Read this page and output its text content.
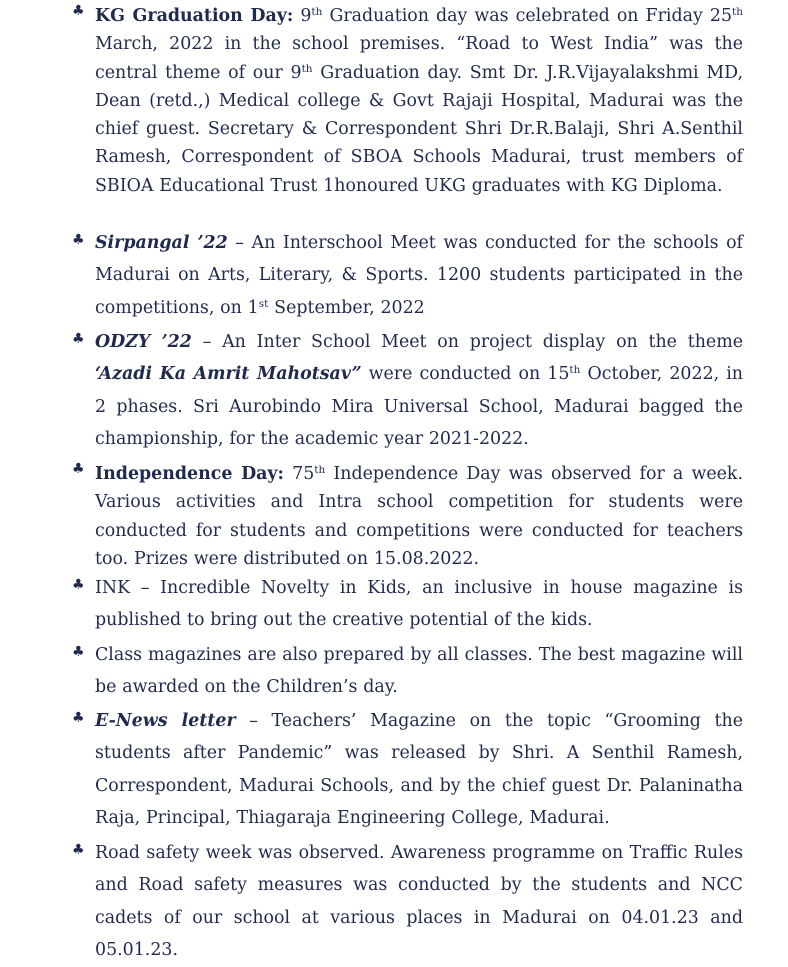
♣ KG Graduation Day: 9th Graduation day was celebrated on Friday 25th March, 2022 in the school premises. “Road to West India” was the central theme of our 9th Graduation day. Smt Dr. J.R.Vijayalakshmi MD, Dean (retd.,) Medical college & Govt Rajaji Hospital, Madurai was the chief guest. Secretary & Correspondent Shri Dr.R.Balaji, Shri A.Senthil Ramesh, Correspondent of SBOA Schools Madurai, trust members of SBIOA Educational Trust 1honoured UKG graduates with KG Diploma.
♣ Sirpangal ’22 – An Interschool Meet was conducted for the schools of Madurai on Arts, Literary, & Sports. 1200 students participated in the competitions, on 1st September, 2022
♣ ODZY ’22 – An Inter School Meet on project display on the theme ‘Azadi Ka Amrit Mahotsav” were conducted on 15th October, 2022, in 2 phases. Sri Aurobindo Mira Universal School, Madurai bagged the championship, for the academic year 2021-2022.
♣ Independence Day: 75th Independence Day was observed for a week. Various activities and Intra school competition for students were conducted for students and competitions were conducted for teachers too. Prizes were distributed on 15.08.2022.
♣ INK – Incredible Novelty in Kids, an inclusive in house magazine is published to bring out the creative potential of the kids.
♣ Class magazines are also prepared by all classes. The best magazine will be awarded on the Children’s day.
♣ E-News letter – Teachers’ Magazine on the topic “Grooming the students after Pandemic” was released by Shri. A Senthil Ramesh, Correspondent, Madurai Schools, and by the chief guest Dr. Palaninatha Raja, Principal, Thiagaraja Engineering College, Madurai.
♣ Road safety week was observed. Awareness programme on Traffic Rules and Road safety measures was conducted by the students and NCC cadets of our school at various places in Madurai on 04.01.23 and 05.01.23.
